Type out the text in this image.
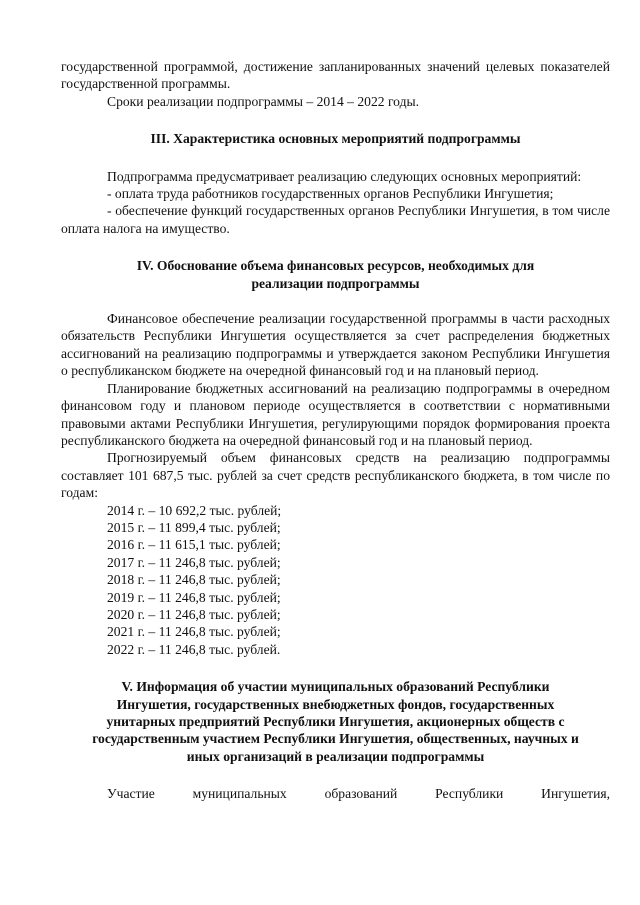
государственной программой, достижение запланированных значений целевых показателей государственной программы.

Сроки реализации подпрограммы – 2014 – 2022 годы.

III. Характеристика основных мероприятий подпрограммы

Подпрограмма предусматривает реализацию следующих основных мероприятий:

- оплата труда работников государственных органов Республики Ингушетия;

- обеспечение функций государственных органов Республики Ингушетия, в том числе оплата налога на имущество.

IV. Обоснование объема финансовых ресурсов, необходимых для
реализации подпрограммы

Финансовое обеспечение реализации государственной программы в части расходных обязательств Республики Ингушетия осуществляется за счет распределения бюджетных ассигнований на реализацию подпрограммы и утверждается законом Республики Ингушетия о республиканском бюджете на очередной финансовый год и на плановый период.

Планирование бюджетных ассигнований на реализацию подпрограммы в очередном финансовом году и плановом периоде осуществляется в соответствии с нормативными правовыми актами Республики Ингушетия, регулирующими порядок формирования проекта республиканского бюджета на очередной финансовый год и на плановый период.

Прогнозируемый объем финансовых средств на реализацию подпрограммы составляет 101 687,5 тыс. рублей за счет средств республиканского бюджета, в том числе по годам:

2014 г. – 10 692,2 тыс. рублей;

2015 г. – 11 899,4 тыс. рублей;

2016 г. – 11 615,1 тыс. рублей;

2017 г. – 11 246,8 тыс. рублей;

2018 г. – 11 246,8 тыс. рублей;

2019 г. – 11 246,8 тыс. рублей;

2020 г. – 11 246,8 тыс. рублей;

2021 г. – 11 246,8 тыс. рублей;

2022 г. – 11 246,8 тыс. рублей.

V. Информация об участии муниципальных образований Республики
Ингушетия, государственных внебюджетных фондов, государственных
унитарных предприятий Республики Ингушетия, акционерных обществ с
государственным участием Республики Ингушетия, общественных, научных и
иных организаций в реализации подпрограммы

Участие муниципальных образований Республики Ингушетия,
